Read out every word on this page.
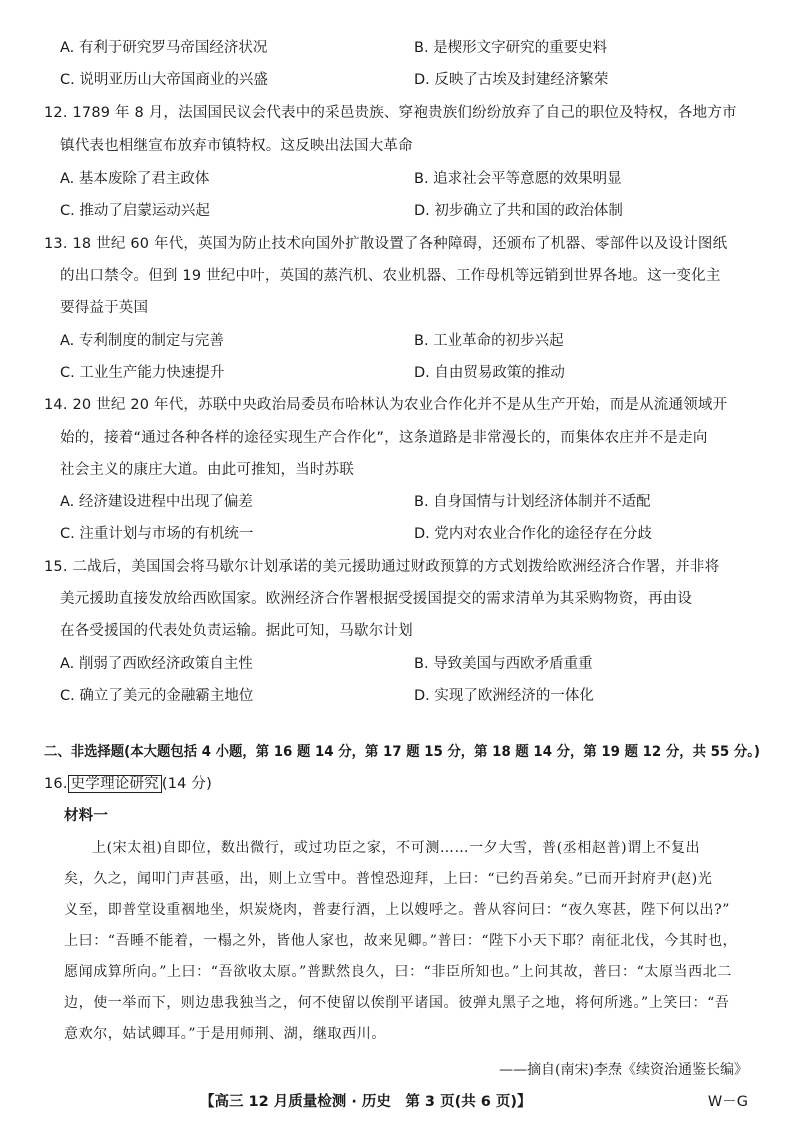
A. 有利于研究罗马帝国经济状况	B. 是楔形文字研究的重要史料
C. 说明亚历山大帝国商业的兴盛	D. 反映了古埃及封建经济繁荣
12. 1789 年 8 月，法国国民议会代表中的采邑贵族、穿袍贵族们纷纷放弃了自己的职位及特权，各地方市
镇代表也相继宣布放弃市镇特权。这反映出法国大革命
A. 基本废除了君主政体	B. 追求社会平等意愿的效果明显
C. 推动了启蒙运动兴起	D. 初步确立了共和国的政治体制
13. 18 世纪 60 年代，英国为防止技术向国外扩散设置了各种障碍，还颁布了机器、零部件以及设计图纸
的出口禁令。但到 19 世纪中叶，英国的蒸汽机、农业机器、工作母机等远销到世界各地。这一变化主
要得益于英国
A. 专利制度的制定与完善	B. 工业革命的初步兴起
C. 工业生产能力快速提升	D. 自由贸易政策的推动
14. 20 世纪 20 年代，苏联中央政治局委员布哈林认为农业合作化并不是从生产开始，而是从流通领域开
始的，接着“通过各种各样的途径实现生产合作化”，这条道路是非常漫长的，而集体农庄并不是走向
社会主义的康庄大道。由此可推知，当时苏联
A. 经济建设进程中出现了偏差	B. 自身国情与计划经济体制并不适配
C. 注重计划与市场的有机统一	D. 党内对农业合作化的途径存在分歧
15. 二战后，美国国会将马歇尔计划承诺的美元援助通过财政预算的方式划拨给欧洲经济合作署，并非将
美元援助直接发放给西欧国家。欧洲经济合作署根据受援国提交的需求清单为其采购物资，再由设
在各受援国的代表处负责运输。据此可知，马歇尔计划
A. 削弱了西欧经济政策自主性	B. 导致美国与西欧矛盾重重
C. 确立了美元的金融霸主地位	D. 实现了欧洲经济的一体化
二、非选择题(本大题包括 4 小题，第 16 题 14 分，第 17 题 15 分，第 18 题 14 分，第 19 题 12 分，共 55 分。)
16. 史学理论研究 (14 分)
材料一
上(宋太祖)自即位，数出微行，或过功臣之家，不可测……一夕大雪，普(丞相赵普)谓上不复出
矣，久之，闻叩门声甚亟，出，则上立雪中。普惶恐迎拜，上曰：“已约吾弟矣。”已而开封府尹(赵)光
义至，即普堂设重裀地坐，炽炭烧肉，普妻行酒，上以嫂呼之。普从容问曰：“夜久寒甚，陛下何以出?”
上曰：“吾睡不能着，一榻之外，皆他人家也，故来见卿。”普曰：“陛下小天下耶？南征北伐，今其时也，
愿闻成算所向。”上曰：“吾欲收太原。”普默然良久，曰：“非臣所知也。”上问其故，普曰：“太原当西北二
边，使一举而下，则边患我独当之，何不使留以俟削平诸国。彼弹丸黑子之地，将何所逃。”上笑曰：“吾
意欢尔，姑试卿耳。”于是用师荆、湖，继取西川。
——摘自(南宋)李焘《续资治通鉴长编》
【高三 12 月质量检测 · 历史　第 3 页(共 6 页)】	W－G
